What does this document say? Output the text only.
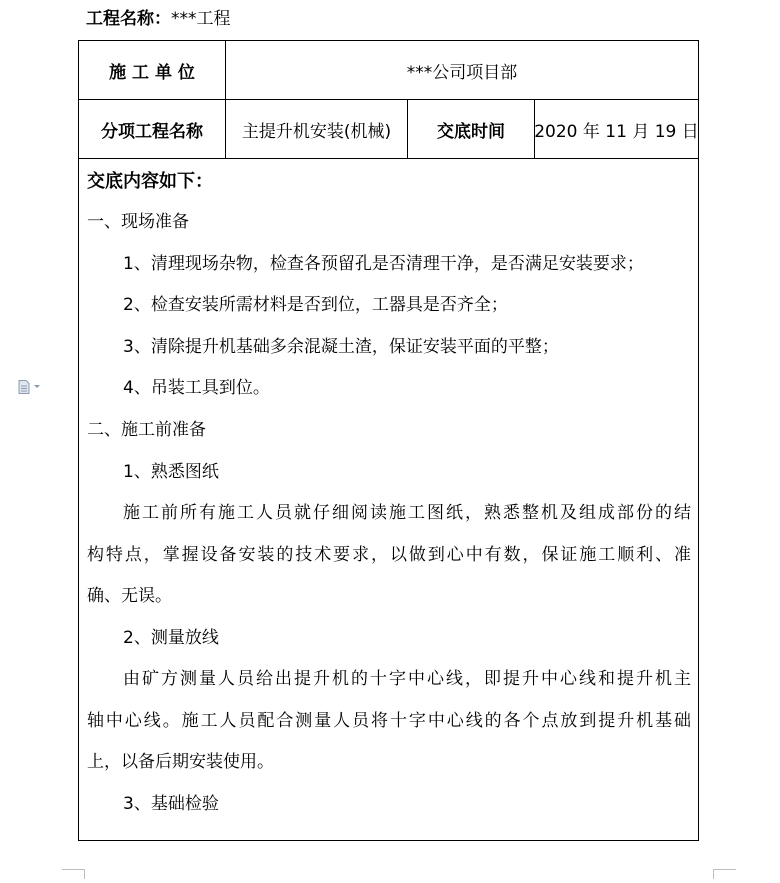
工程名称：***工程
施 工 单 位	***公司项目部
分项工程名称	主提升机安装(机械)	交底时间	2020 年 11 月 19 日
交底内容如下：
一、现场准备
1、清理现场杂物，检查各预留孔是否清理干净，是否满足安装要求；
2、检查安装所需材料是否到位，工器具是否齐全；
3、清除提升机基础多余混凝土渣，保证安装平面的平整；
4、吊装工具到位。
二、施工前准备
1、熟悉图纸
施工前所有施工人员就仔细阅读施工图纸，熟悉整机及组成部份的结
构特点，掌握设备安装的技术要求，以做到心中有数，保证施工顺利、准
确、无误。
2、测量放线
由矿方测量人员给出提升机的十字中心线，即提升中心线和提升机主
轴中心线。施工人员配合测量人员将十字中心线的各个点放到提升机基础
上，以备后期安装使用。
3、基础检验
